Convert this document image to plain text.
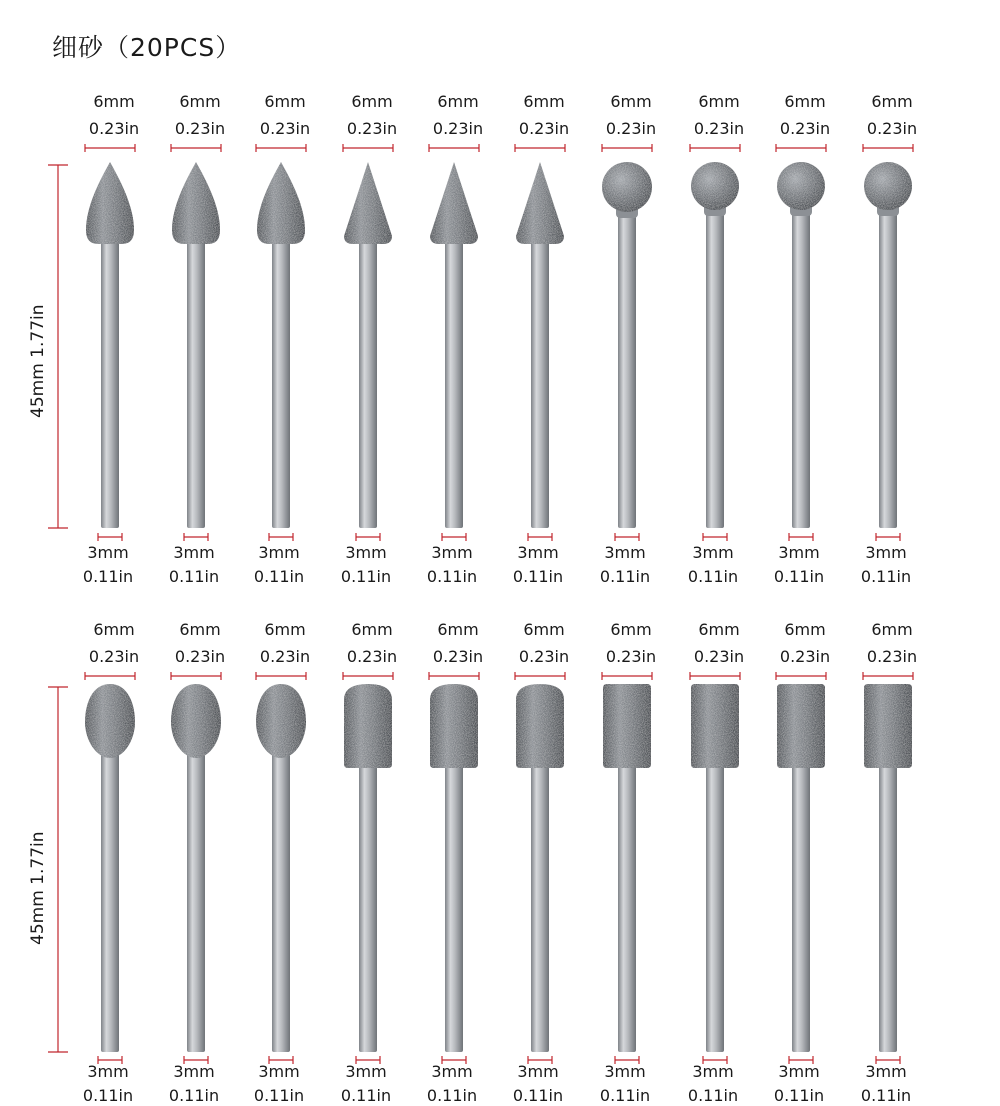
细砂（20PCS）
45mm 1.77in
6mm
0.23in
3mm
0.11in
6mm
0.23in
3mm
0.11in
6mm
0.23in
3mm
0.11in
6mm
0.23in
3mm
0.11in
6mm
0.23in
3mm
0.11in
6mm
0.23in
3mm
0.11in
6mm
0.23in
3mm
0.11in
6mm
0.23in
3mm
0.11in
6mm
0.23in
3mm
0.11in
6mm
0.23in
3mm
0.11in
45mm 1.77in
6mm
0.23in
3mm
0.11in
6mm
0.23in
3mm
0.11in
6mm
0.23in
3mm
0.11in
6mm
0.23in
3mm
0.11in
6mm
0.23in
3mm
0.11in
6mm
0.23in
3mm
0.11in
6mm
0.23in
3mm
0.11in
6mm
0.23in
3mm
0.11in
6mm
0.23in
3mm
0.11in
6mm
0.23in
3mm
0.11in
